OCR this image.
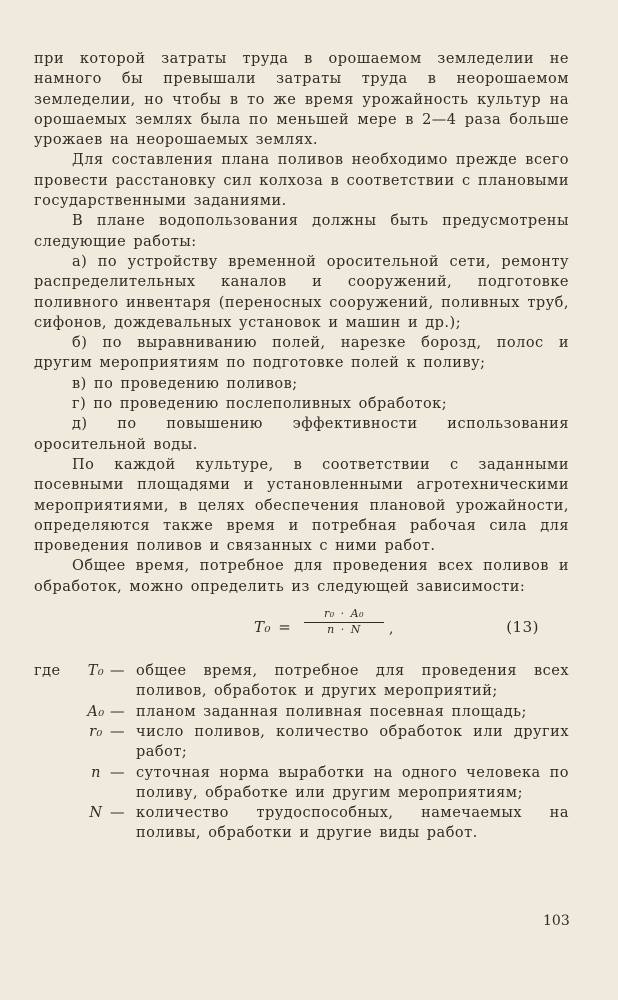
при которой затраты труда в орошаемом земледелии не намного бы превышали затраты труда в неорошаемом земледелии, но чтобы в то же время урожайность культур на орошаемых землях была по меньшей мере в 2—4 раза больше урожаев на неорошаемых землях.

Для составления плана поливов необходимо прежде всего провести расстановку сил колхоза в соответствии с плановыми государственными заданиями.

В плане водопользования должны быть предусмотрены следующие работы:

а) по устройству временной оросительной сети, ремонту распределительных каналов и сооружений, подготовке поливного инвентаря (переносных сооружений, поливных труб, сифонов, дождевальных установок и машин и др.);

б) по выравниванию полей, нарезке борозд, полос и другим мероприятиям по подготовке полей к поливу;

в) по проведению поливов;

г) по проведению послеполивных обработок;

д) по повышению эффективности использования оросительной воды.

По каждой культуре, в соответствии с заданными посевными площадями и установленными агротехническими мероприятиями, в целях обеспечения плановой урожайности, определяются также время и потребная рабочая сила для проведения поливов и связанных с ними работ.

Общее время, потребное для проведения всех поливов и обработок, можно определить из следующей зависимости:

$T_0 = \frac{\text{r₀ · A₀}}{n \cdot N}$ ,	(13)
где	T₀ — общее время, потребное для проведения всех поливов, обработок и других мероприятий;
A₀ — планом заданная поливная посевная площадь;
r₀ — число поливов, количество обработок или других работ;
n — суточная норма выработки на одного человека по поливу, обработке или другим мероприятиям;
N — количество трудоспособных, намечаемых на поливы, обработки и другие виды работ.
103
